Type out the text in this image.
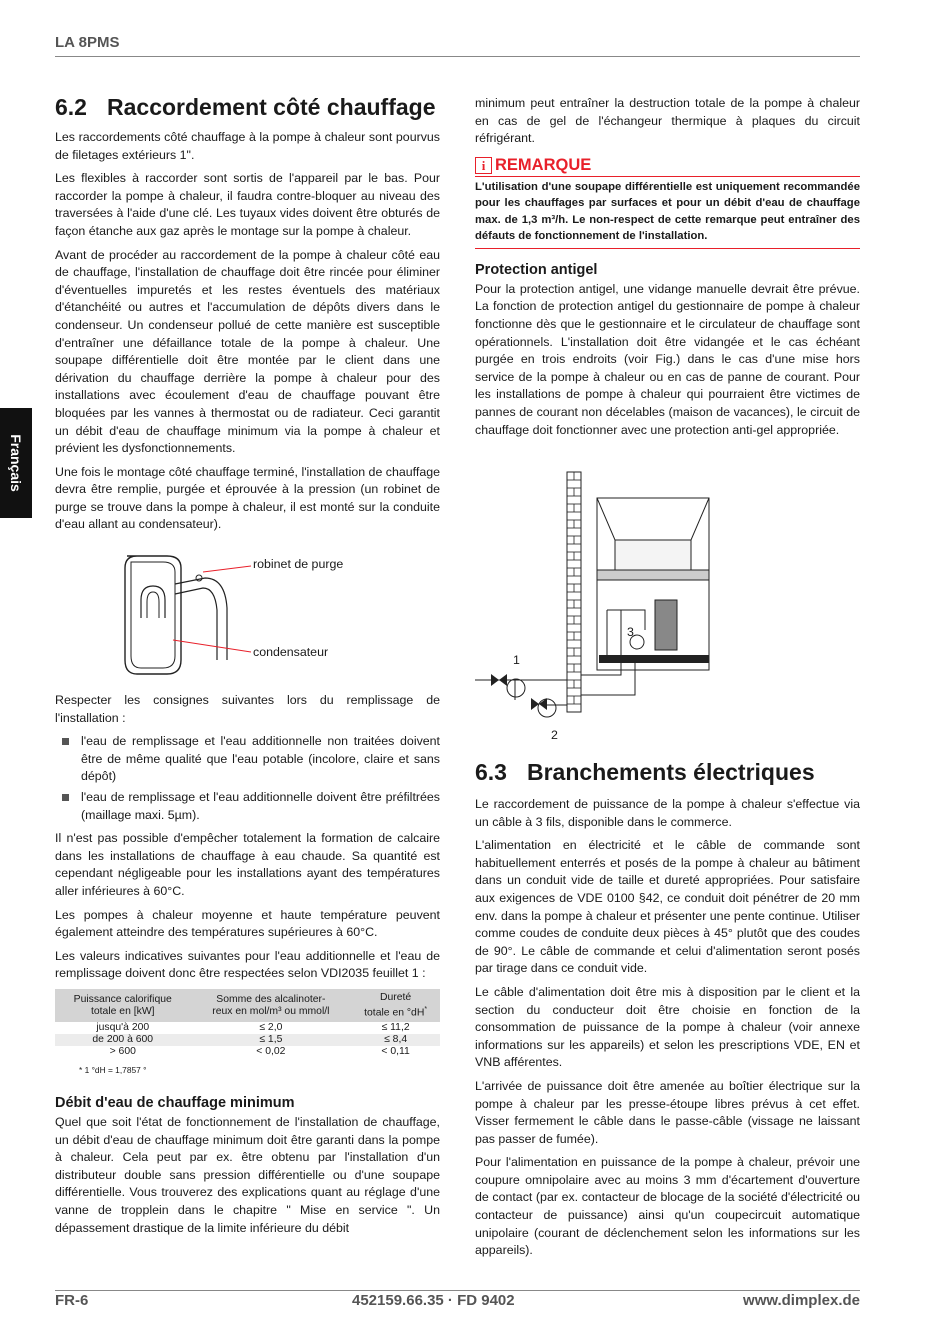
LA 8PMS
Français
6.2 Raccordement côté chauffage

Les raccordements côté chauffage à la pompe à chaleur sont pourvus de filetages extérieurs 1".

Les flexibles à raccorder sont sortis de l'appareil par le bas. Pour raccorder la pompe à chaleur, il faudra contre-bloquer au niveau des traversées à l'aide d'une clé. Les tuyaux vides doivent être obturés de façon étanche aux gaz après le montage sur la pompe à chaleur.

Avant de procéder au raccordement de la pompe à chaleur côté eau de chauffage, l'installation de chauffage doit être rincée pour éliminer d'éventuelles impuretés et les restes éventuels des matériaux d'étanchéité ou autres et l'accumulation de dépôts divers dans le condenseur. Un condenseur pollué de cette manière est susceptible d'entraîner une défaillance totale de la pompe à chaleur. Une soupape différentielle doit être montée par le client dans une dérivation du chauffage derrière la pompe à chaleur pour des installations avec écoulement d'eau de chauffage pouvant être bloquées par les vannes à thermostat ou de radiateur. Ceci garantit un débit d'eau de chauffage minimum via la pompe à chaleur et prévient les dysfonctionnements.

Une fois le montage côté chauffage terminé, l'installation de chauffage devra être remplie, purgée et éprouvée à la pression (un robinet de purge se trouve dans la pompe à chaleur, il est monté sur la conduite d'eau allant au condensateur).

robinet de purge
condensateur

Respecter les consignes suivantes lors du remplissage de l'installation :

l'eau de remplissage et l'eau additionnelle non traitées doivent être de même qualité que l'eau potable (incolore, claire et sans dépôt)
l'eau de remplissage et l'eau additionnelle doivent être préfiltrées (maillage maxi. 5µm).

Il n'est pas possible d'empêcher totalement la formation de calcaire dans les installations de chauffage à eau chaude. Sa quantité est cependant négligeable pour les installations ayant des températures aller inférieures à 60°C.

Les pompes à chaleur moyenne et haute température peuvent également atteindre des températures supérieures à 60°C.

Les valeurs indicatives suivantes pour l'eau additionnelle et l'eau de remplissage doivent donc être respectées selon VDI2035 feuillet 1 :

Puissance calorifique
totale en [kW]	Somme des alcalinoter-
reux en mol/m³ ou mmol/l	Dureté
totale en °dH*
jusqu'à 200	≤ 2,0	≤ 11,2
de 200 à 600	≤ 1,5	≤ 8,4
> 600	< 0,02	< 0,11
* 1 °dH = 1,7857 °
Débit d'eau de chauffage minimum

Quel que soit l'état de fonctionnement de l'installation de chauffage, un débit d'eau de chauffage minimum doit être garanti dans la pompe à chaleur. Cela peut par ex. être obtenu par l'installation d'un distributeur double sans pression différentielle ou d'une soupape différentielle. Vous trouverez des explications quant au réglage d'une vanne de tropplein dans le chapitre " Mise en service ". Un dépassement drastique de la limite inférieure du débit

minimum peut entraîner la destruction totale de la pompe à chaleur en cas de gel de l'échangeur thermique à plaques du circuit réfrigérant.

i REMARQUE
L'utilisation d'une soupape différentielle est uniquement recommandée pour les chauffages par surfaces et pour un débit d'eau de chauffage max. de 1,3 m³/h. Le non-respect de cette remarque peut entraîner des défauts de fonctionnement de l'installation.
Protection antigel

Pour la protection antigel, une vidange manuelle devrait être prévue. La fonction de protection antigel du gestionnaire de pompe à chaleur fonctionne dès que le gestionnaire et le circulateur de chauffage sont opérationnels. L'installation doit être vidangée et le cas échéant purgée en trois endroits (voir Fig.) dans le cas d'une mise hors service de la pompe à chaleur ou en cas de panne de courant. Pour les installations de pompe à chaleur qui pourraient être victimes de pannes de courant non décelables (maison de vacances), le circuit de chauffage doit fonctionner avec une protection anti-gel appropriée.

1
2
3
6.3 Branchements électriques

Le raccordement de puissance de la pompe à chaleur s'effectue via un câble à 3 fils, disponible dans le commerce.

L'alimentation en électricité et le câble de commande sont habituellement enterrés et posés de la pompe à chaleur au bâtiment dans un conduit vide de taille et dureté appropriées. Pour satisfaire aux exigences de VDE 0100 §42, ce conduit doit pénétrer de 20 mm env. dans la pompe à chaleur et présenter une pente continue. Utiliser comme coudes de conduite deux pièces à 45° plutôt que des coudes de 90°. Le câble de commande et celui d'alimentation seront posés par tirage dans ce conduit vide.

Le câble d'alimentation doit être mis à disposition par le client et la section du conducteur doit être choisie en fonction de la consommation de puissance de la pompe à chaleur (voir annexe informations sur les appareils) et selon les prescriptions VDE, EN et VNB afférentes.

L'arrivée de puissance doit être amenée au boîtier électrique sur la pompe à chaleur par les presse-étoupe libres prévus à cet effet. Visser fermement le câble dans le passe-câble (vissage ne laissant pas passer de fumée).

Pour l'alimentation en puissance de la pompe à chaleur, prévoir une coupure omnipolaire avec au moins 3 mm d'écartement d'ouverture de contact (par ex. contacteur de blocage de la société d'électricité ou contacteur de puissance) ainsi qu'un coupecircuit automatique unipolaire (courant de déclenchement selon les informations sur les appareils).

FR-6	452159.66.35 · FD 9402	www.dimplex.de
